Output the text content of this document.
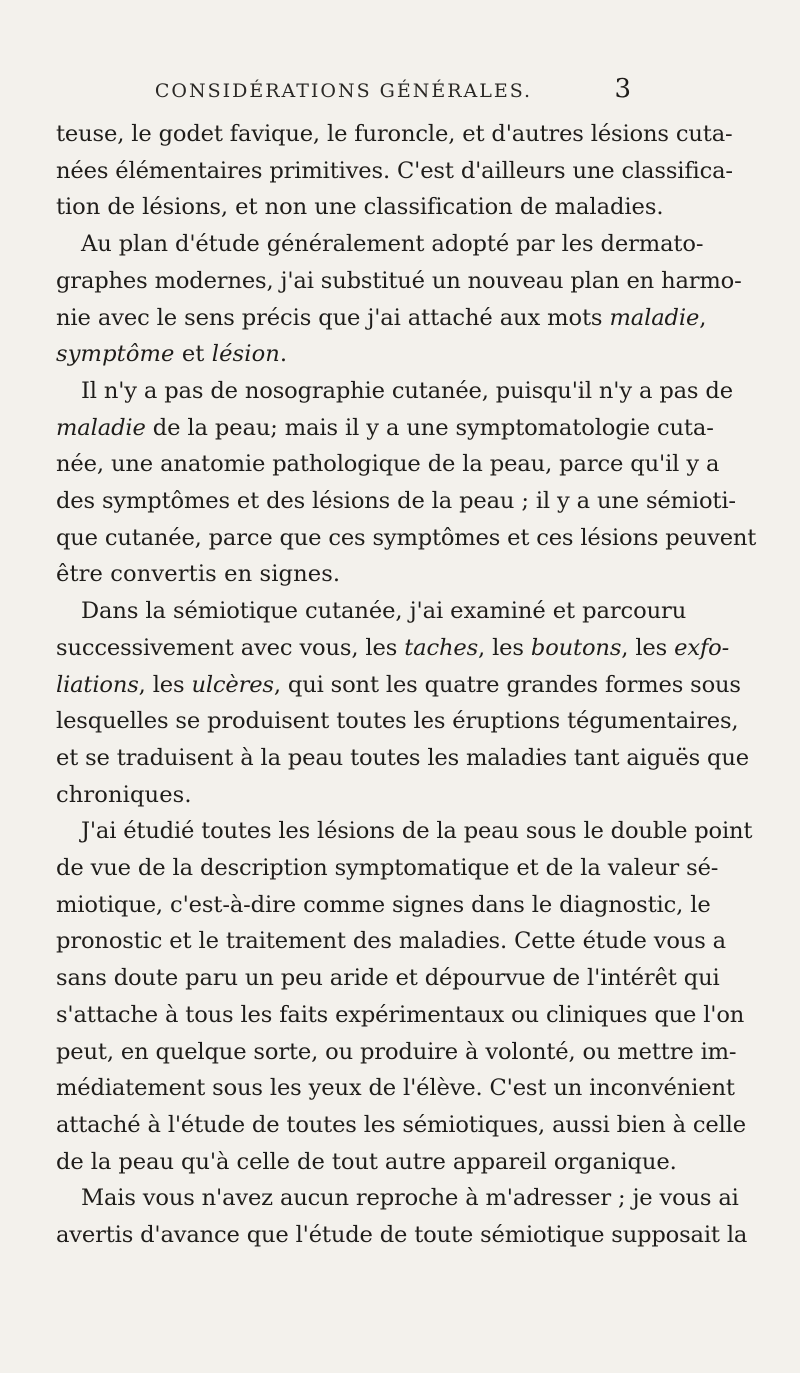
CONSIDÉRATIONS GÉNÉRALES.	3
teuse, le godet favique, le furoncle, et d'autres lésions cuta-
nées élémentaires primitives. C'est d'ailleurs une classifica-
tion de lésions, et non une classification de maladies.
Au plan d'étude généralement adopté par les dermato-
graphes modernes, j'ai substitué un nouveau plan en harmo-
nie avec le sens précis que j'ai attaché aux mots maladie,
symptôme et lésion.
Il n'y a pas de nosographie cutanée, puisqu'il n'y a pas de
maladie de la peau; mais il y a une symptomatologie cuta-
née, une anatomie pathologique de la peau, parce qu'il y a
des symptômes et des lésions de la peau ; il y a une sémioti-
que cutanée, parce que ces symptômes et ces lésions peuvent
être convertis en signes.
Dans la sémiotique cutanée, j'ai examiné et parcouru
successivement avec vous, les taches, les boutons, les exfo-
liations, les ulcères, qui sont les quatre grandes formes sous
lesquelles se produisent toutes les éruptions tégumentaires,
et se traduisent à la peau toutes les maladies tant aiguës que
chroniques.
J'ai étudié toutes les lésions de la peau sous le double point
de vue de la description symptomatique et de la valeur sé-
miotique, c'est-à-dire comme signes dans le diagnostic, le
pronostic et le traitement des maladies. Cette étude vous a
sans doute paru un peu aride et dépourvue de l'intérêt qui
s'attache à tous les faits expérimentaux ou cliniques que l'on
peut, en quelque sorte, ou produire à volonté, ou mettre im-
médiatement sous les yeux de l'élève. C'est un inconvénient
attaché à l'étude de toutes les sémiotiques, aussi bien à celle
de la peau qu'à celle de tout autre appareil organique.
Mais vous n'avez aucun reproche à m'adresser ; je vous ai
avertis d'avance que l'étude de toute sémiotique supposait la
